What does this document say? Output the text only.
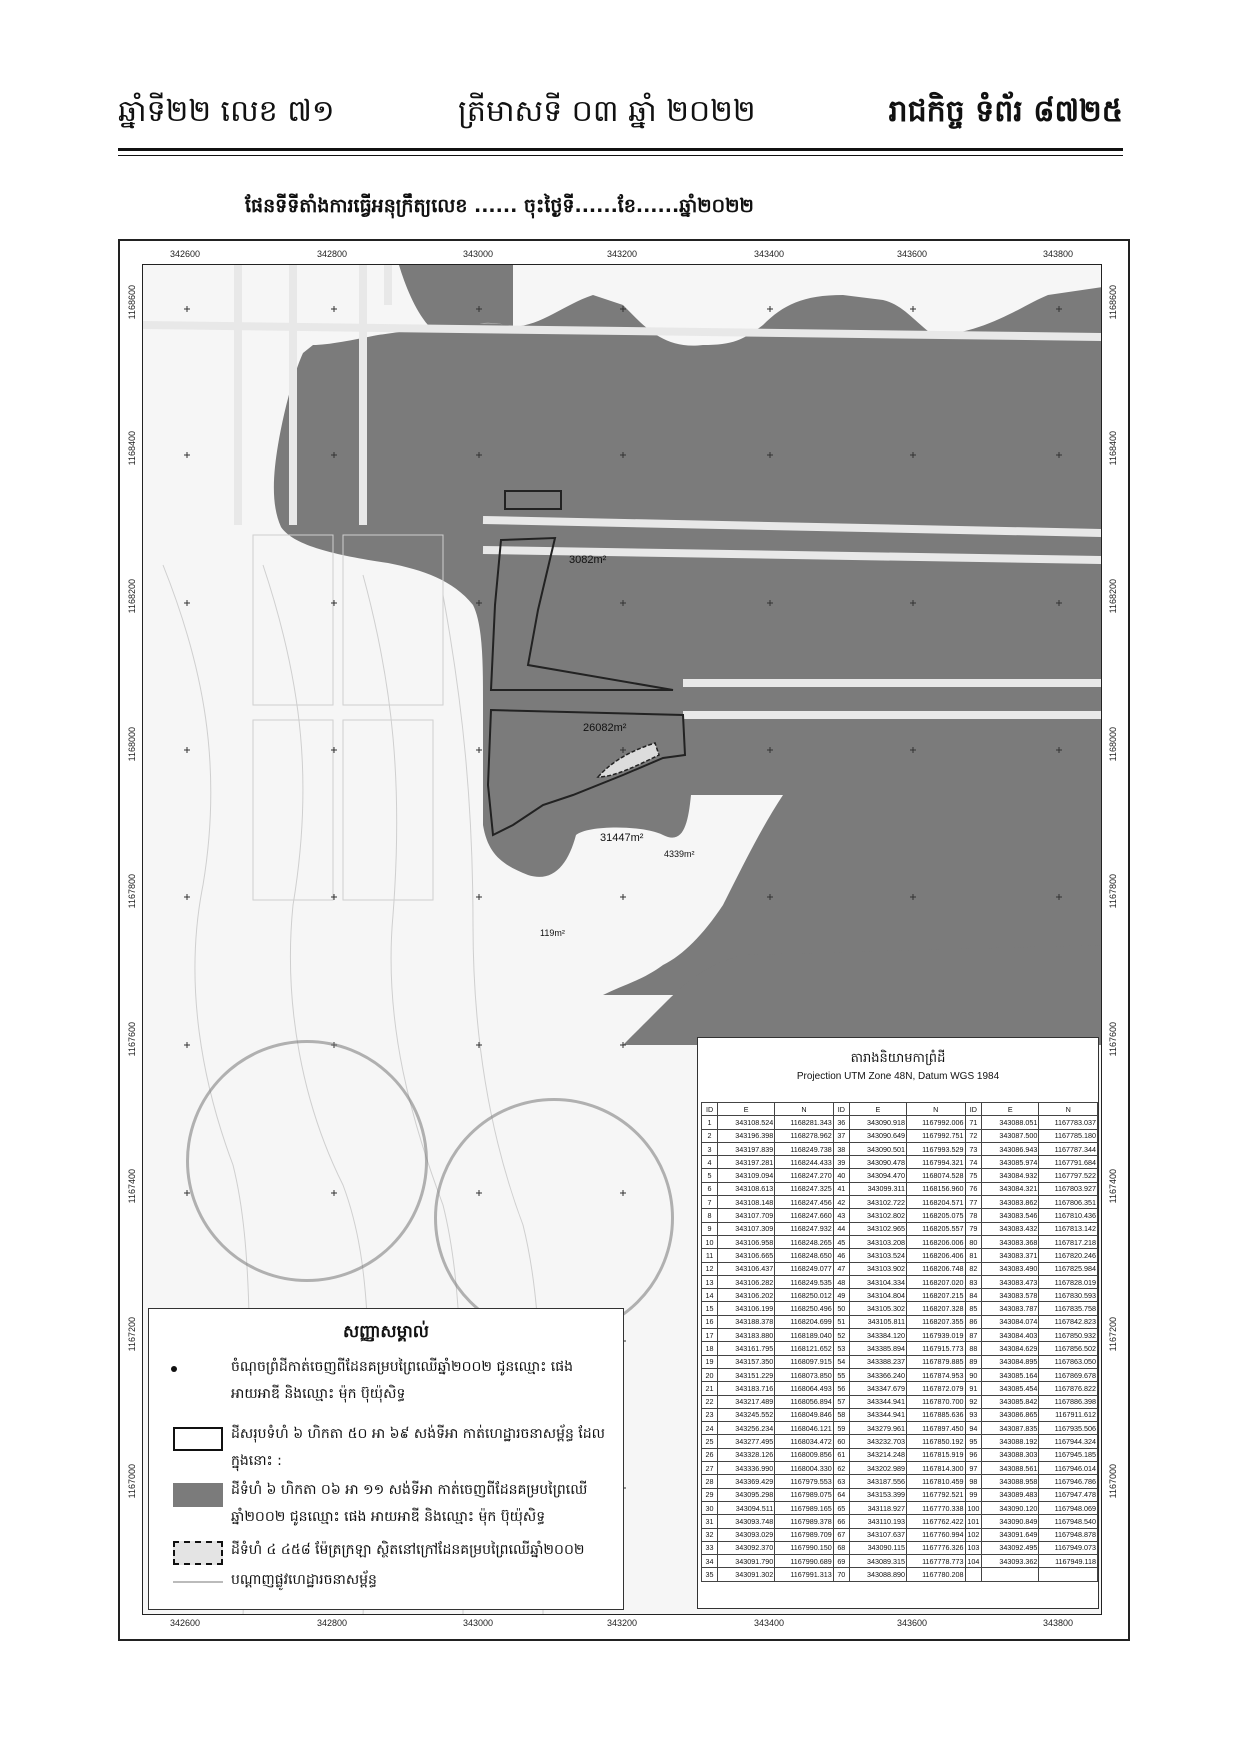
ឆ្នាំទី២២ លេខ ៧១	ត្រីមាសទី ០៣ ឆ្នាំ ២០២២	រាជកិច្ច ទំព័រ ៨៧២៥
ផែនទីទីតាំងការធ្វើអនុក្រឹត្យលេខ ...... ចុះថ្ងៃទី......ខែ......ឆ្នាំ២០២២
342600
342600
342800
342800
343000
343000
343200
343200
343400
343400
343600
343600
343800
343800
1168600	1168600
1168400	1168400
1168200	1168200
1168000	1168000
1167800	1167800
1167600	1167600
1167400	1167400
1167200	1167200
1167000	1167000
3082m²
26082m²
31447m²
4339m²
119m²
សញ្ញាសម្គាល់
ចំណុចព្រំដីកាត់ចេញពីដែនគម្របព្រៃឈើឆ្នាំ២០០២ ជូនឈ្មោះ ផេង អាយអាឌី និងឈ្មោះ ម៉ុក ប៊ុយ៉ុសិទ្ធ
ដីសរុបទំហំ ៦ ហិកតា ៥០ អា ៦៩ សង់ទីអា កាត់ហេដ្ឋារចនាសម្ព័ន្ធ ដែលក្នុងនោះ :
ដីទំហំ ៦ ហិកតា ០៦ អា ១១ សង់ទីអា កាត់ចេញពីដែនគម្របព្រៃឈើឆ្នាំ២០០២ ជូនឈ្មោះ ផេង អាយអាឌី និងឈ្មោះ ម៉ុក ប៊ុយ៉ុសិទ្ធ
ដីទំហំ ៤ ៤៥៨ ម៉ែត្រក្រឡា ស្ថិតនៅក្រៅដែនគម្របព្រៃឈើឆ្នាំ២០០២
បណ្តាញផ្លូវហេដ្ឋារចនាសម្ព័ន្ធ
តារាងនិយាមកាព្រំដី
Projection UTM Zone 48N, Datum WGS 1984
ID	E	N	ID	E	N	ID	E	N
1	343108.524	1168281.343	36	343090.918	1167992.006	71	343088.051	1167783.037
2	343196.398	1168278.962	37	343090.649	1167992.751	72	343087.500	1167785.180
3	343197.839	1168249.738	38	343090.501	1167993.529	73	343086.943	1167787.344
4	343197.281	1168244.433	39	343090.478	1167994.321	74	343085.974	1167791.684
5	343109.094	1168247.270	40	343094.470	1168074.528	75	343084.932	1167797.522
6	343108.613	1168247.325	41	343099.311	1168156.960	76	343084.321	1167803.927
7	343108.148	1168247.456	42	343102.722	1168204.571	77	343083.862	1167806.351
8	343107.709	1168247.660	43	343102.802	1168205.075	78	343083.546	1167810.436
9	343107.309	1168247.932	44	343102.965	1168205.557	79	343083.432	1167813.142
10	343106.958	1168248.265	45	343103.208	1168206.006	80	343083.368	1167817.218
11	343106.665	1168248.650	46	343103.524	1168206.406	81	343083.371	1167820.246
12	343106.437	1168249.077	47	343103.902	1168206.748	82	343083.490	1167825.984
13	343106.282	1168249.535	48	343104.334	1168207.020	83	343083.473	1167828.019
14	343106.202	1168250.012	49	343104.804	1168207.215	84	343083.578	1167830.593
15	343106.199	1168250.496	50	343105.302	1168207.328	85	343083.787	1167835.758
16	343188.378	1168204.699	51	343105.811	1168207.355	86	343084.074	1167842.823
17	343183.880	1168189.040	52	343384.120	1167939.019	87	343084.403	1167850.932
18	343161.795	1168121.652	53	343385.894	1167915.773	88	343084.629	1167856.502
19	343157.350	1168097.915	54	343388.237	1167879.885	89	343084.895	1167863.050
20	343151.229	1168073.850	55	343366.240	1167874.953	90	343085.164	1167869.678
21	343183.716	1168064.493	56	343347.679	1167872.079	91	343085.454	1167876.822
22	343217.489	1168056.894	57	343344.941	1167870.700	92	343085.842	1167886.398
23	343245.552	1168049.846	58	343344.941	1167885.636	93	343086.865	1167911.612
24	343256.234	1168046.121	59	343279.961	1167897.450	94	343087.835	1167935.506
25	343277.495	1168034.472	60	343232.703	1167850.192	95	343088.192	1167944.324
26	343328.126	1168009.856	61	343214.248	1167815.919	96	343088.303	1167945.185
27	343336.990	1168004.330	62	343202.989	1167814.300	97	343088.561	1167946.014
28	343369.429	1167979.553	63	343187.556	1167810.459	98	343088.958	1167946.786
29	343095.298	1167989.075	64	343153.399	1167792.521	99	343089.483	1167947.478
30	343094.511	1167989.165	65	343118.927	1167770.338	100	343090.120	1167948.069
31	343093.748	1167989.378	66	343110.193	1167762.422	101	343090.849	1167948.540
32	343093.029	1167989.709	67	343107.637	1167760.994	102	343091.649	1167948.878
33	343092.370	1167990.150	68	343090.115	1167776.326	103	343092.495	1167949.073
34	343091.790	1167990.689	69	343089.315	1167778.773	104	343093.362	1167949.118
35	343091.302	1167991.313	70	343088.890	1167780.208			
